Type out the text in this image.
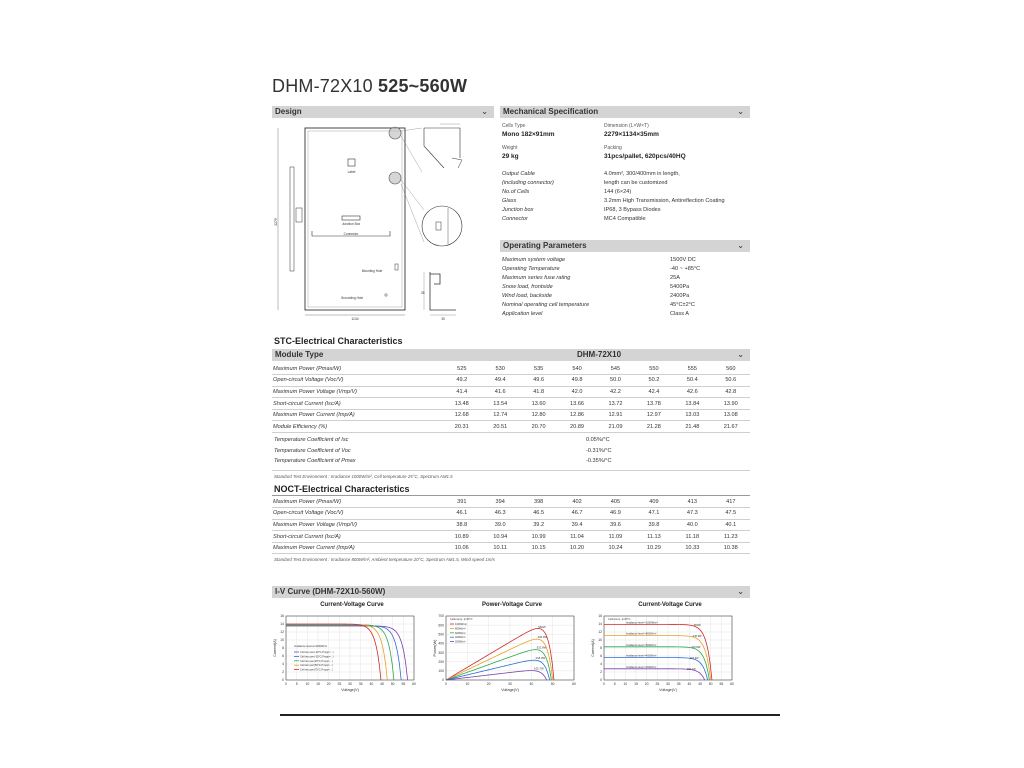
DHM-72X10 525~560W
Design	⌄
Label
Junction Box
Connector
Mounting Hole
Grounding Hole
2279
1134
35
35
Mechanical Specification	⌄
Cells Type
Mono 182×91mm
Dimension (L×W×T)
2279×1134×35mm
Weight
29 kg
Packing
31pcs/pallet, 620pcs/40HQ
Output Cable	4.0mm², 300/400mm in length,
(including connector)	length can be customized
No.of Cells	144 (6×24)
Glass	3.2mm High Transmission, Antireflection Coating
Junction box	IP68, 3 Bypass Diodes
Connector	MC4 Compatible
Operating Parameters	⌄
Maximum system voltage	1500V DC
Operating Temperature	-40 ~ +85°C
Maximum series fuse rating	25A
Snow load, frontside	5400Pa
Wind load, backside	2400Pa
Nominal operating cell temperature	45°C±2°C
Application level	Class A
STC-Electrical Characteristics
Module Type	DHM-72X10	⌄
Maximum Power (Pmax/W)	525	530	535	540	545	550	555	560
Open-circuit Voltage (Voc/V)	49.2	49.4	49.6	49.8	50.0	50.2	50.4	50.6
Maximum Power Voltage (Vmp/V)	41.4	41.6	41.8	42.0	42.2	42.4	42.6	42.8
Short-circuit Current (Isc/A)	13.48	13.54	13.60	13.66	13.72	13.78	13.84	13.90
Maximum Power Current (Imp/A)	12.68	12.74	12.80	12.86	12.91	12.97	13.03	13.08
Module Efficiency (%)	20.31	20.51	20.70	20.89	21.09	21.28	21.48	21.67
Temperature Coefficient of Isc	0.05%/°C
Temperature Coefficient of Voc	-0.31%/°C
Temperature Coefficient of Pmax	-0.35%/°C
Standard Test Environment : Irradiance 1000W/m², Cell temperature 25°C, Spectrum AM1.5
NOCT-Electrical Characteristics
Maximum Power (Pmax/W)	391	394	398	402	405	409	413	417
Open-circuit Voltage (Voc/V)	46.1	46.3	46.5	46.7	46.9	47.1	47.3	47.5
Maximum Power Voltage (Vmp/V)	38.8	39.0	39.2	39.4	39.6	39.8	40.0	40.1
Short-circuit Current (Isc/A)	10.89	10.94	10.99	11.04	11.09	11.13	11.18	11.23
Maximum Power Current (Imp/A)	10.06	10.11	10.15	10.20	10.24	10.29	10.33	10.38
Standard Test Environment : Irradiance 800W/m², Ambient temperature 20°C, Spectrum AM1.5, Wind speed 1m/s
I-V Curve (DHM-72X10-560W)	⌄
Current-Voltage Curve	Power-Voltage Curve	Current-Voltage Curve
0
2
4
6
8
10
12
14
16
0	5 10 15 20 25 30 35 40 45 50 55 60
Voltage(V)
Current(A)	Cell tem.per(-40°C,Pmpp=...)
Cell tem.per(-15°C,Pmpp=...)
Cell tem.per(25°C,Pmpp=...)
Cell tem.per(50°C,Pmpp=...)
Cell tem.per(75°C,Pmpp=...)
Irradiance level at 1000W/m²
0
100
200
300
400
500
600
700
0	10	20	30	40	50	60
Voltage(V)
Power(W)
1000W/m²
560W
800W/m²
445.9W
600W/m²
332.8W
400W/m²
218.9W
200W/m²
105.7W
Cells temp. q=25°C
0
2
4
6
8
10
12
14
16
0	5 10 15 20 25 30 35 40 45 50 55 60
Voltage(V)
Current(A)
Irradiance level =1000W/m²
560W
Irradiance level =800W/m²
445.9W
Irradiance level =600W/m²
332.8W
Irradiance level =400W/m²
218.9W
Irradiance level =200W/m²
105.7W
Cells temp. q=25°C
